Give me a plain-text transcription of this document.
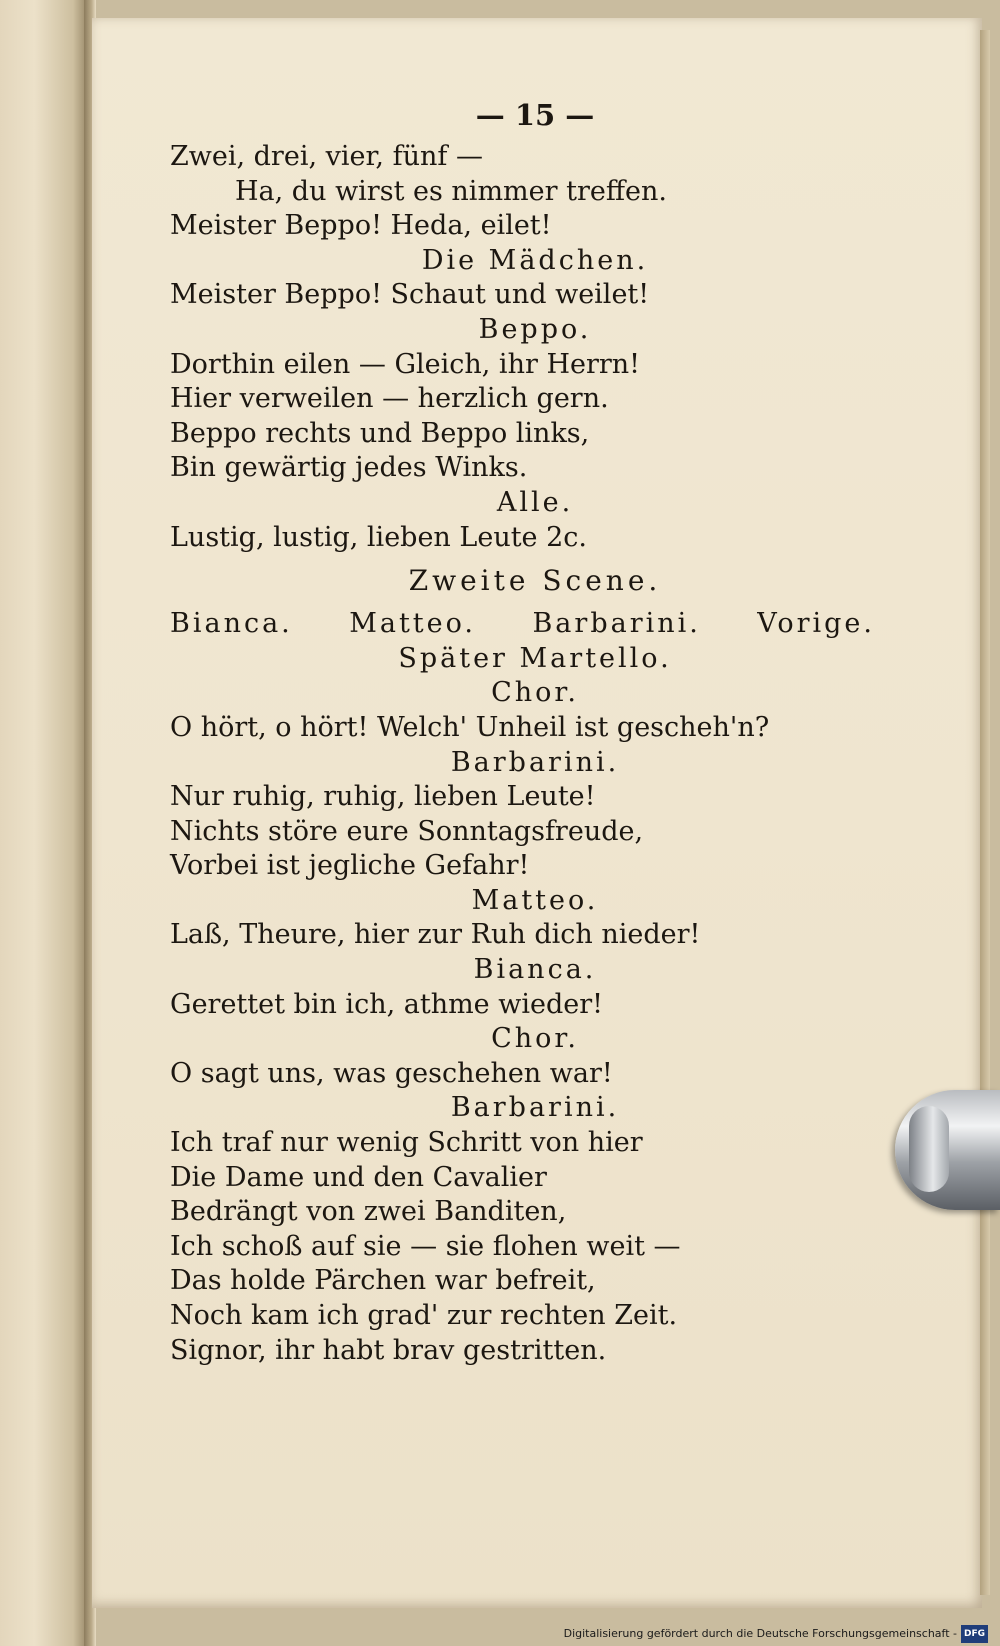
— 15 —
Zwei, drei, vier, fünf —
Ha, du wirst es nimmer treffen.
Meister Beppo! Heda, eilet!
Die Mädchen.
Meister Beppo! Schaut und weilet!
Beppo.
Dorthin eilen — Gleich, ihr Herrn!
Hier verweilen — herzlich gern.
Beppo rechts und Beppo links,
Bin gewärtig jedes Winks.
Alle.
Lustig, lustig, lieben Leute 2c.
Zweite Scene.
Bianca. Matteo. Barbarini. Vorige.
Später Martello.
Chor.
O hört, o hört! Welch' Unheil ist gescheh'n?
Barbarini.
Nur ruhig, ruhig, lieben Leute!
Nichts störe eure Sonntagsfreude,
Vorbei ist jegliche Gefahr!
Matteo.
Laß, Theure, hier zur Ruh dich nieder!
Bianca.
Gerettet bin ich, athme wieder!
Chor.
O sagt uns, was geschehen war!
Barbarini.
Ich traf nur wenig Schritt von hier
Die Dame und den Cavalier
Bedrängt von zwei Banditen,
Ich schoß auf sie — sie flohen weit —
Das holde Pärchen war befreit,
Noch kam ich grad' zur rechten Zeit.
Signor, ihr habt brav gestritten.
Digitalisierung gefördert durch die Deutsche Forschungsgemeinschaft - DFG
